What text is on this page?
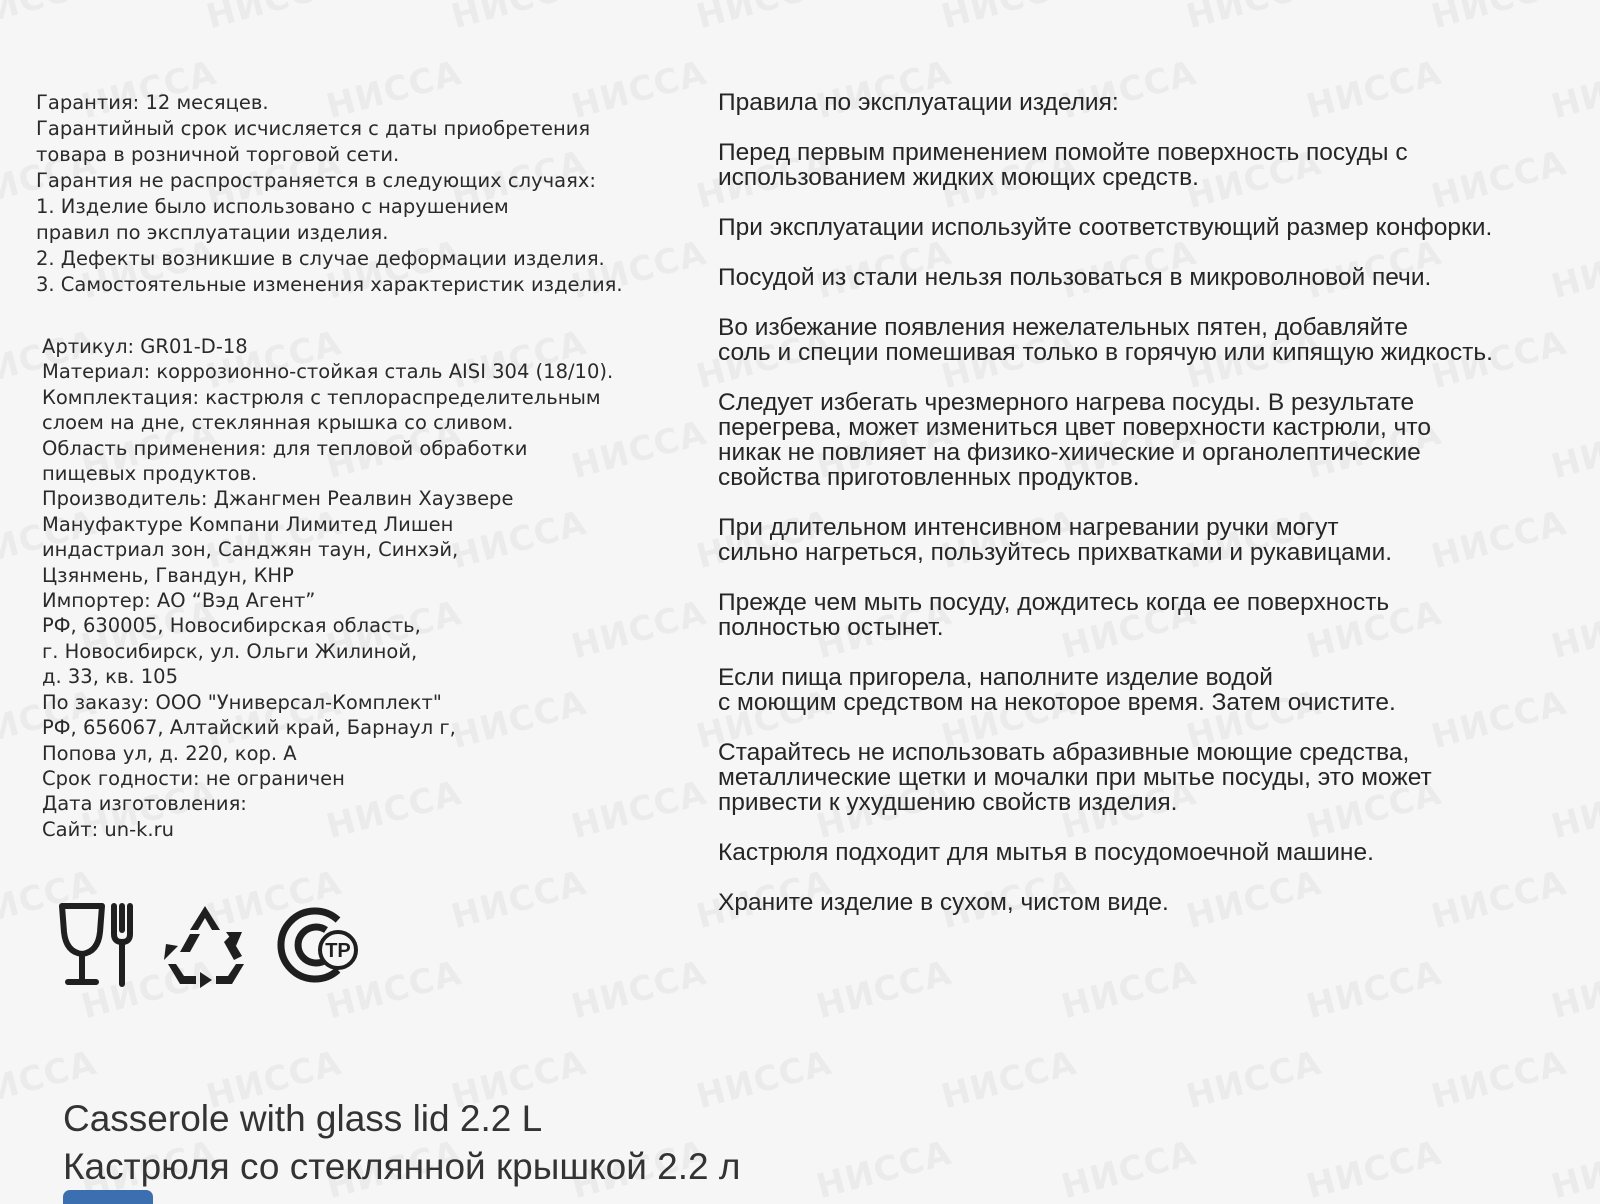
Гарантия: 12 месяцев.
Гарантийный срок исчисляется с даты приобретения
товара в розничной торговой сети.
Гарантия не распространяется в следующих случаях:
1. Изделие было использовано с нарушением
правил по эксплуатации изделия.
2. Дефекты возникшие в случае деформации изделия.
3. Самостоятельные изменения характеристик изделия.
Артикул: GR01-D-18
Материал: коррозионно-стойкая сталь AISI 304 (18/10).
Комплектация: кастрюля с теплораспределительным
слоем на дне, стеклянная крышка со сливом.
Область применения: для тепловой обработки
пищевых продуктов.
Производитель: Джангмен Реалвин Хаузвере
Мануфактуре Компани Лимитед Лишен
индастриал зон, Санджян таун, Синхэй,
Цзянмень, Гвандун, КНР
Импортер: АО “Вэд Агент”
РФ, 630005, Новосибирская область,
г. Новосибирск, ул. Ольги Жилиной,
д. 33, кв. 105
По заказу: ООО "Универсал-Комплект"
РФ, 656067, Алтайский край, Барнаул г,
Попова ул, д. 220, кор. А
Срок годности: не ограничен
Дата изготовления:
Сайт: un-k.ru
Правила по эксплуатации изделия:
Перед первым применением помойте поверхность посуды с
использованием жидких моющих средств.
При эксплуатации используйте соответствующий размер конфорки.
Посудой из стали нельзя пользоваться в микроволновой печи.
Во избежание появления нежелательных пятен, добавляйте
соль и специи помешивая только в горячую или кипящую жидкость.
Следует избегать чрезмерного нагрева посуды. В результате
перегрева, может измениться цвет поверхности кастрюли, что
никак не повлияет на физико-хиические и органолептические
свойства приготовленных продуктов.
При длительном интенсивном нагревании ручки могут
сильно нагреться, пользуйтесь прихватками и рукавицами.
Прежде чем мыть посуду, дождитесь когда ее поверхность
полностью остынет.
Если пища пригорела, наполните изделие водой
с моющим средством на некоторое время. Затем очистите.
Старайтесь не использовать абразивные моющие средства,
металлические щетки и мочалки при мытье посуды, это может
привести к ухудшению свойств изделия.
Кастрюля подходит для мытья в посудомоечной машине.
Храните изделие в сухом, чистом виде.
ТР

Casserole with glass lid 2.2 L

Кастрюля со стеклянной крышкой 2.2 л
